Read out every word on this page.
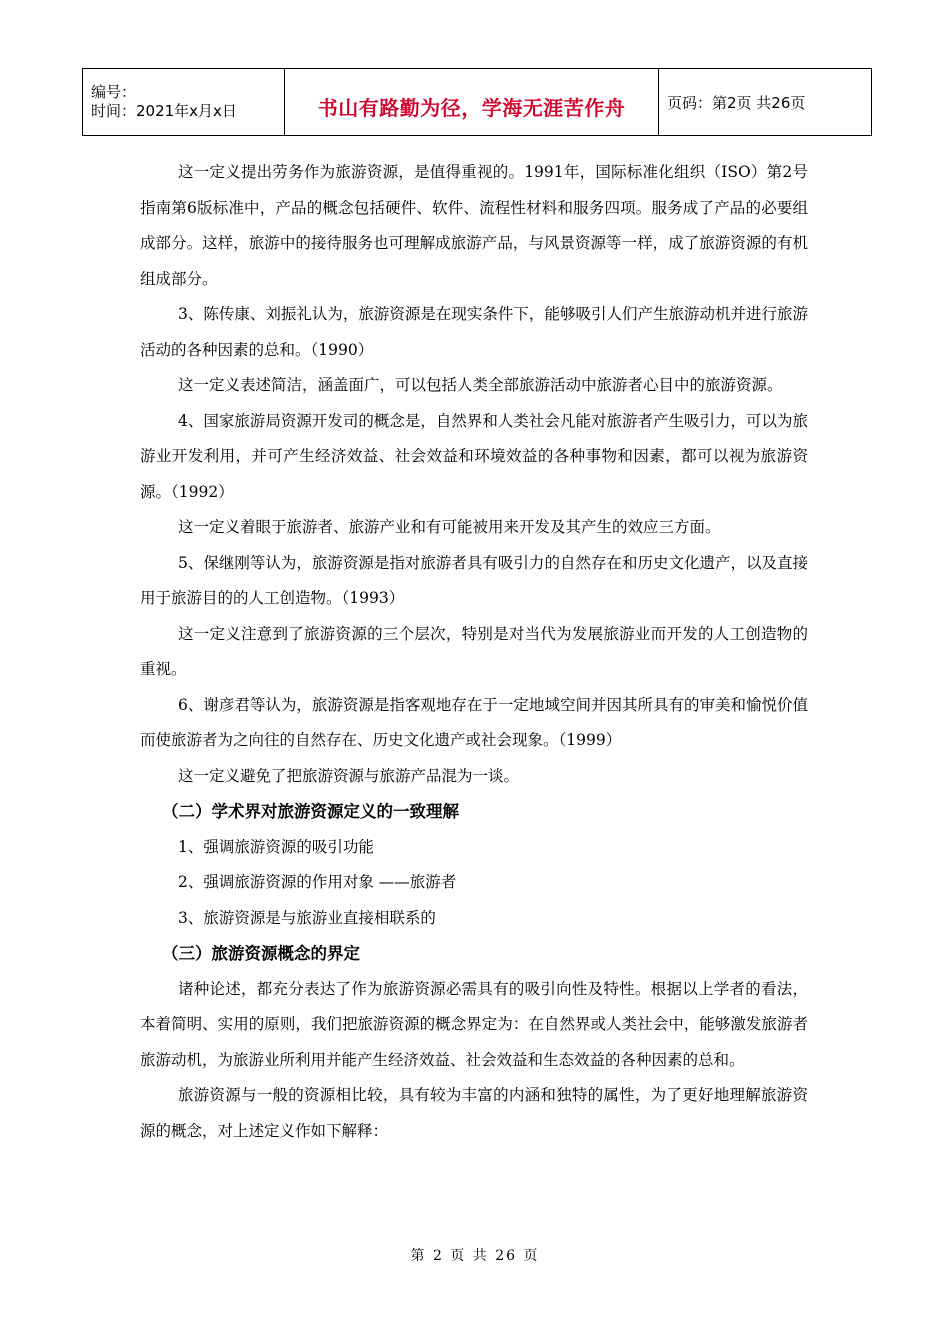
编号：
时间：2021年x月x日	书山有路勤为径，学海无涯苦作舟	页码：第2页 共26页

这一定义提出劳务作为旅游资源，是值得重视的。1991年，国际标准化组织（ISO）第2号指南第6版标准中，产品的概念包括硬件、软件、流程性材料和服务四项。服务成了产品的必要组成部分。这样，旅游中的接待服务也可理解成旅游产品，与风景资源等一样，成了旅游资源的有机组成部分。

3、陈传康、刘振礼认为，旅游资源是在现实条件下，能够吸引人们产生旅游动机并进行旅游活动的各种因素的总和。（1990）

这一定义表述简洁，涵盖面广，可以包括人类全部旅游活动中旅游者心目中的旅游资源。

4、国家旅游局资源开发司的概念是，自然界和人类社会凡能对旅游者产生吸引力，可以为旅游业开发利用，并可产生经济效益、社会效益和环境效益的各种事物和因素，都可以视为旅游资源。（1992）

这一定义着眼于旅游者、旅游产业和有可能被用来开发及其产生的效应三方面。

5、保继刚等认为，旅游资源是指对旅游者具有吸引力的自然存在和历史文化遗产，以及直接用于旅游目的的人工创造物。（1993）

这一定义注意到了旅游资源的三个层次，特别是对当代为发展旅游业而开发的人工创造物的重视。

6、谢彦君等认为，旅游资源是指客观地存在于一定地域空间并因其所具有的审美和愉悦价值而使旅游者为之向往的自然存在、历史文化遗产或社会现象。（1999）

这一定义避免了把旅游资源与旅游产品混为一谈。

（二）学术界对旅游资源定义的一致理解

1、强调旅游资源的吸引功能

2、强调旅游资源的作用对象 ——旅游者

3、旅游资源是与旅游业直接相联系的

（三）旅游资源概念的界定

诸种论述，都充分表达了作为旅游资源必需具有的吸引向性及特性。根据以上学者的看法，本着简明、实用的原则，我们把旅游资源的概念界定为：在自然界或人类社会中，能够激发旅游者旅游动机，为旅游业所利用并能产生经济效益、社会效益和生态效益的各种因素的总和。

旅游资源与一般的资源相比较，具有较为丰富的内涵和独特的属性，为了更好地理解旅游资源的概念，对上述定义作如下解释：

第 2 页 共 26 页
